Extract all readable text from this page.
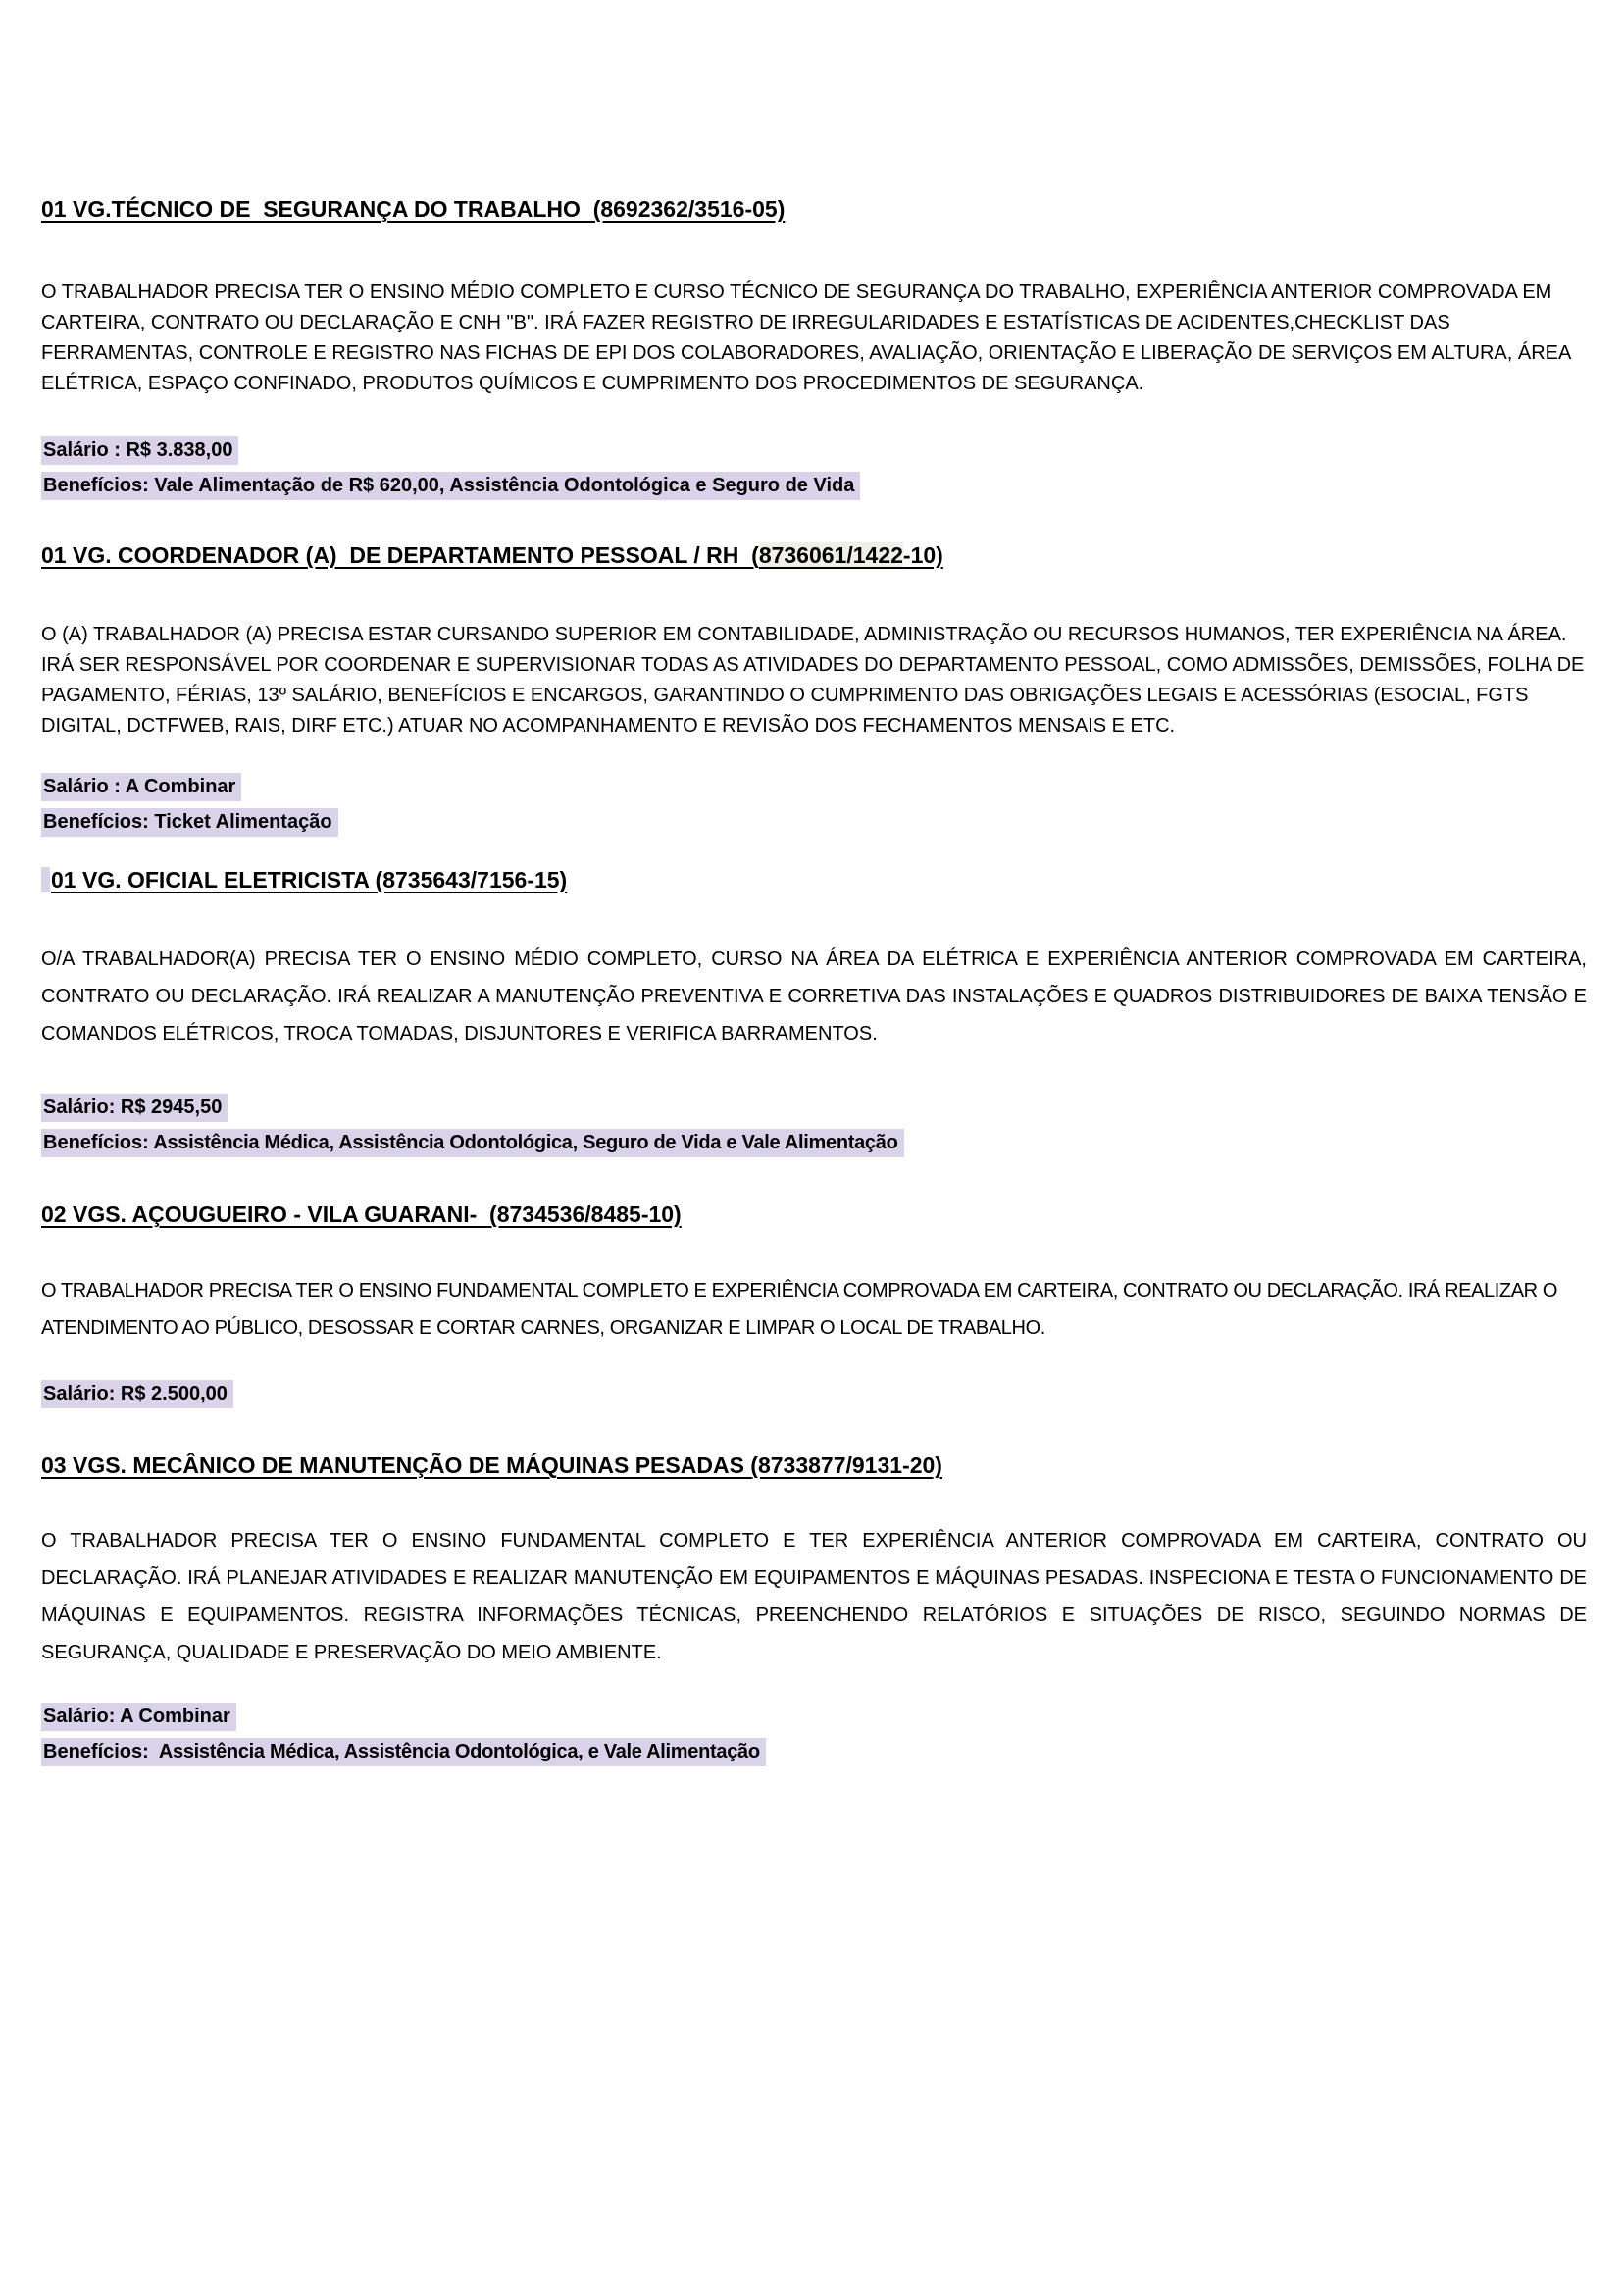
01 VG.TÉCNICO DE  SEGURANÇA DO TRABALHO  (8692362/3516-05)

O TRABALHADOR PRECISA TER O ENSINO MÉDIO COMPLETO E CURSO TÉCNICO DE SEGURANÇA DO TRABALHO, EXPERIÊNCIA ANTERIOR COMPROVADA EM CARTEIRA, CONTRATO OU DECLARAÇÃO E CNH "B". IRÁ FAZER REGISTRO DE IRREGULARIDADES E ESTATÍSTICAS DE ACIDENTES,CHECKLIST DAS FERRAMENTAS, CONTROLE E REGISTRO NAS FICHAS DE EPI DOS COLABORADORES, AVALIAÇÃO, ORIENTAÇÃO E LIBERAÇÃO DE SERVIÇOS EM ALTURA, ÁREA ELÉTRICA, ESPAÇO CONFINADO, PRODUTOS QUÍMICOS E CUMPRIMENTO DOS PROCEDIMENTOS DE SEGURANÇA.

Salário : R$ 3.838,00
Benefícios: Vale Alimentação de R$ 620,00, Assistência Odontológica e Seguro de Vida
01 VG. COORDENADOR (A)  DE DEPARTAMENTO PESSOAL / RH  (8736061/1422-10)

O (A) TRABALHADOR (A) PRECISA ESTAR CURSANDO SUPERIOR EM CONTABILIDADE, ADMINISTRAÇÃO OU RECURSOS HUMANOS, TER EXPERIÊNCIA NA ÁREA. IRÁ SER RESPONSÁVEL POR COORDENAR E SUPERVISIONAR TODAS AS ATIVIDADES DO DEPARTAMENTO PESSOAL, COMO ADMISSÕES, DEMISSÕES, FOLHA DE PAGAMENTO, FÉRIAS, 13º SALÁRIO, BENEFÍCIOS E ENCARGOS, GARANTINDO O CUMPRIMENTO DAS OBRIGAÇÕES LEGAIS E ACESSÓRIAS (ESOCIAL, FGTS DIGITAL, DCTFWEB, RAIS, DIRF ETC.) ATUAR NO ACOMPANHAMENTO E REVISÃO DOS FECHAMENTOS MENSAIS E ETC.

Salário : A Combinar
Benefícios: Ticket Alimentação
01 VG. OFICIAL ELETRICISTA (8735643/7156-15)

O/A TRABALHADOR(A) PRECISA TER O ENSINO MÉDIO COMPLETO, CURSO NA ÁREA DA ELÉTRICA E EXPERIÊNCIA ANTERIOR COMPROVADA EM CARTEIRA, CONTRATO OU DECLARAÇÃO. IRÁ REALIZAR A MANUTENÇÃO PREVENTIVA E CORRETIVA DAS INSTALAÇÕES E QUADROS DISTRIBUIDORES DE BAIXA TENSÃO E COMANDOS ELÉTRICOS, TROCA TOMADAS, DISJUNTORES E VERIFICA BARRAMENTOS.

Salário: R$ 2945,50
Benefícios: Assistência Médica, Assistência Odontológica, Seguro de Vida e Vale Alimentação
02 VGS. AÇOUGUEIRO - VILA GUARANI-  (8734536/8485-10)

O TRABALHADOR PRECISA TER O ENSINO FUNDAMENTAL COMPLETO E EXPERIÊNCIA COMPROVADA EM CARTEIRA, CONTRATO OU DECLARAÇÃO. IRÁ REALIZAR O ATENDIMENTO AO PÚBLICO, DESOSSAR E CORTAR CARNES, ORGANIZAR E LIMPAR O LOCAL DE TRABALHO.

Salário: R$ 2.500,00
03 VGS. MECÂNICO DE MANUTENÇÃO DE MÁQUINAS PESADAS (8733877/9131-20)

O TRABALHADOR PRECISA TER O ENSINO FUNDAMENTAL COMPLETO E TER EXPERIÊNCIA ANTERIOR COMPROVADA EM CARTEIRA, CONTRATO OU DECLARAÇÃO. IRÁ PLANEJAR ATIVIDADES E REALIZAR MANUTENÇÃO EM EQUIPAMENTOS E MÁQUINAS PESADAS. INSPECIONA E TESTA O FUNCIONAMENTO DE MÁQUINAS E EQUIPAMENTOS. REGISTRA INFORMAÇÕES TÉCNICAS, PREENCHENDO RELATÓRIOS E SITUAÇÕES DE RISCO, SEGUINDO NORMAS DE SEGURANÇA, QUALIDADE E PRESERVAÇÃO DO MEIO AMBIENTE.

Salário: A Combinar
Benefícios:  Assistência Médica, Assistência Odontológica, e Vale Alimentação
